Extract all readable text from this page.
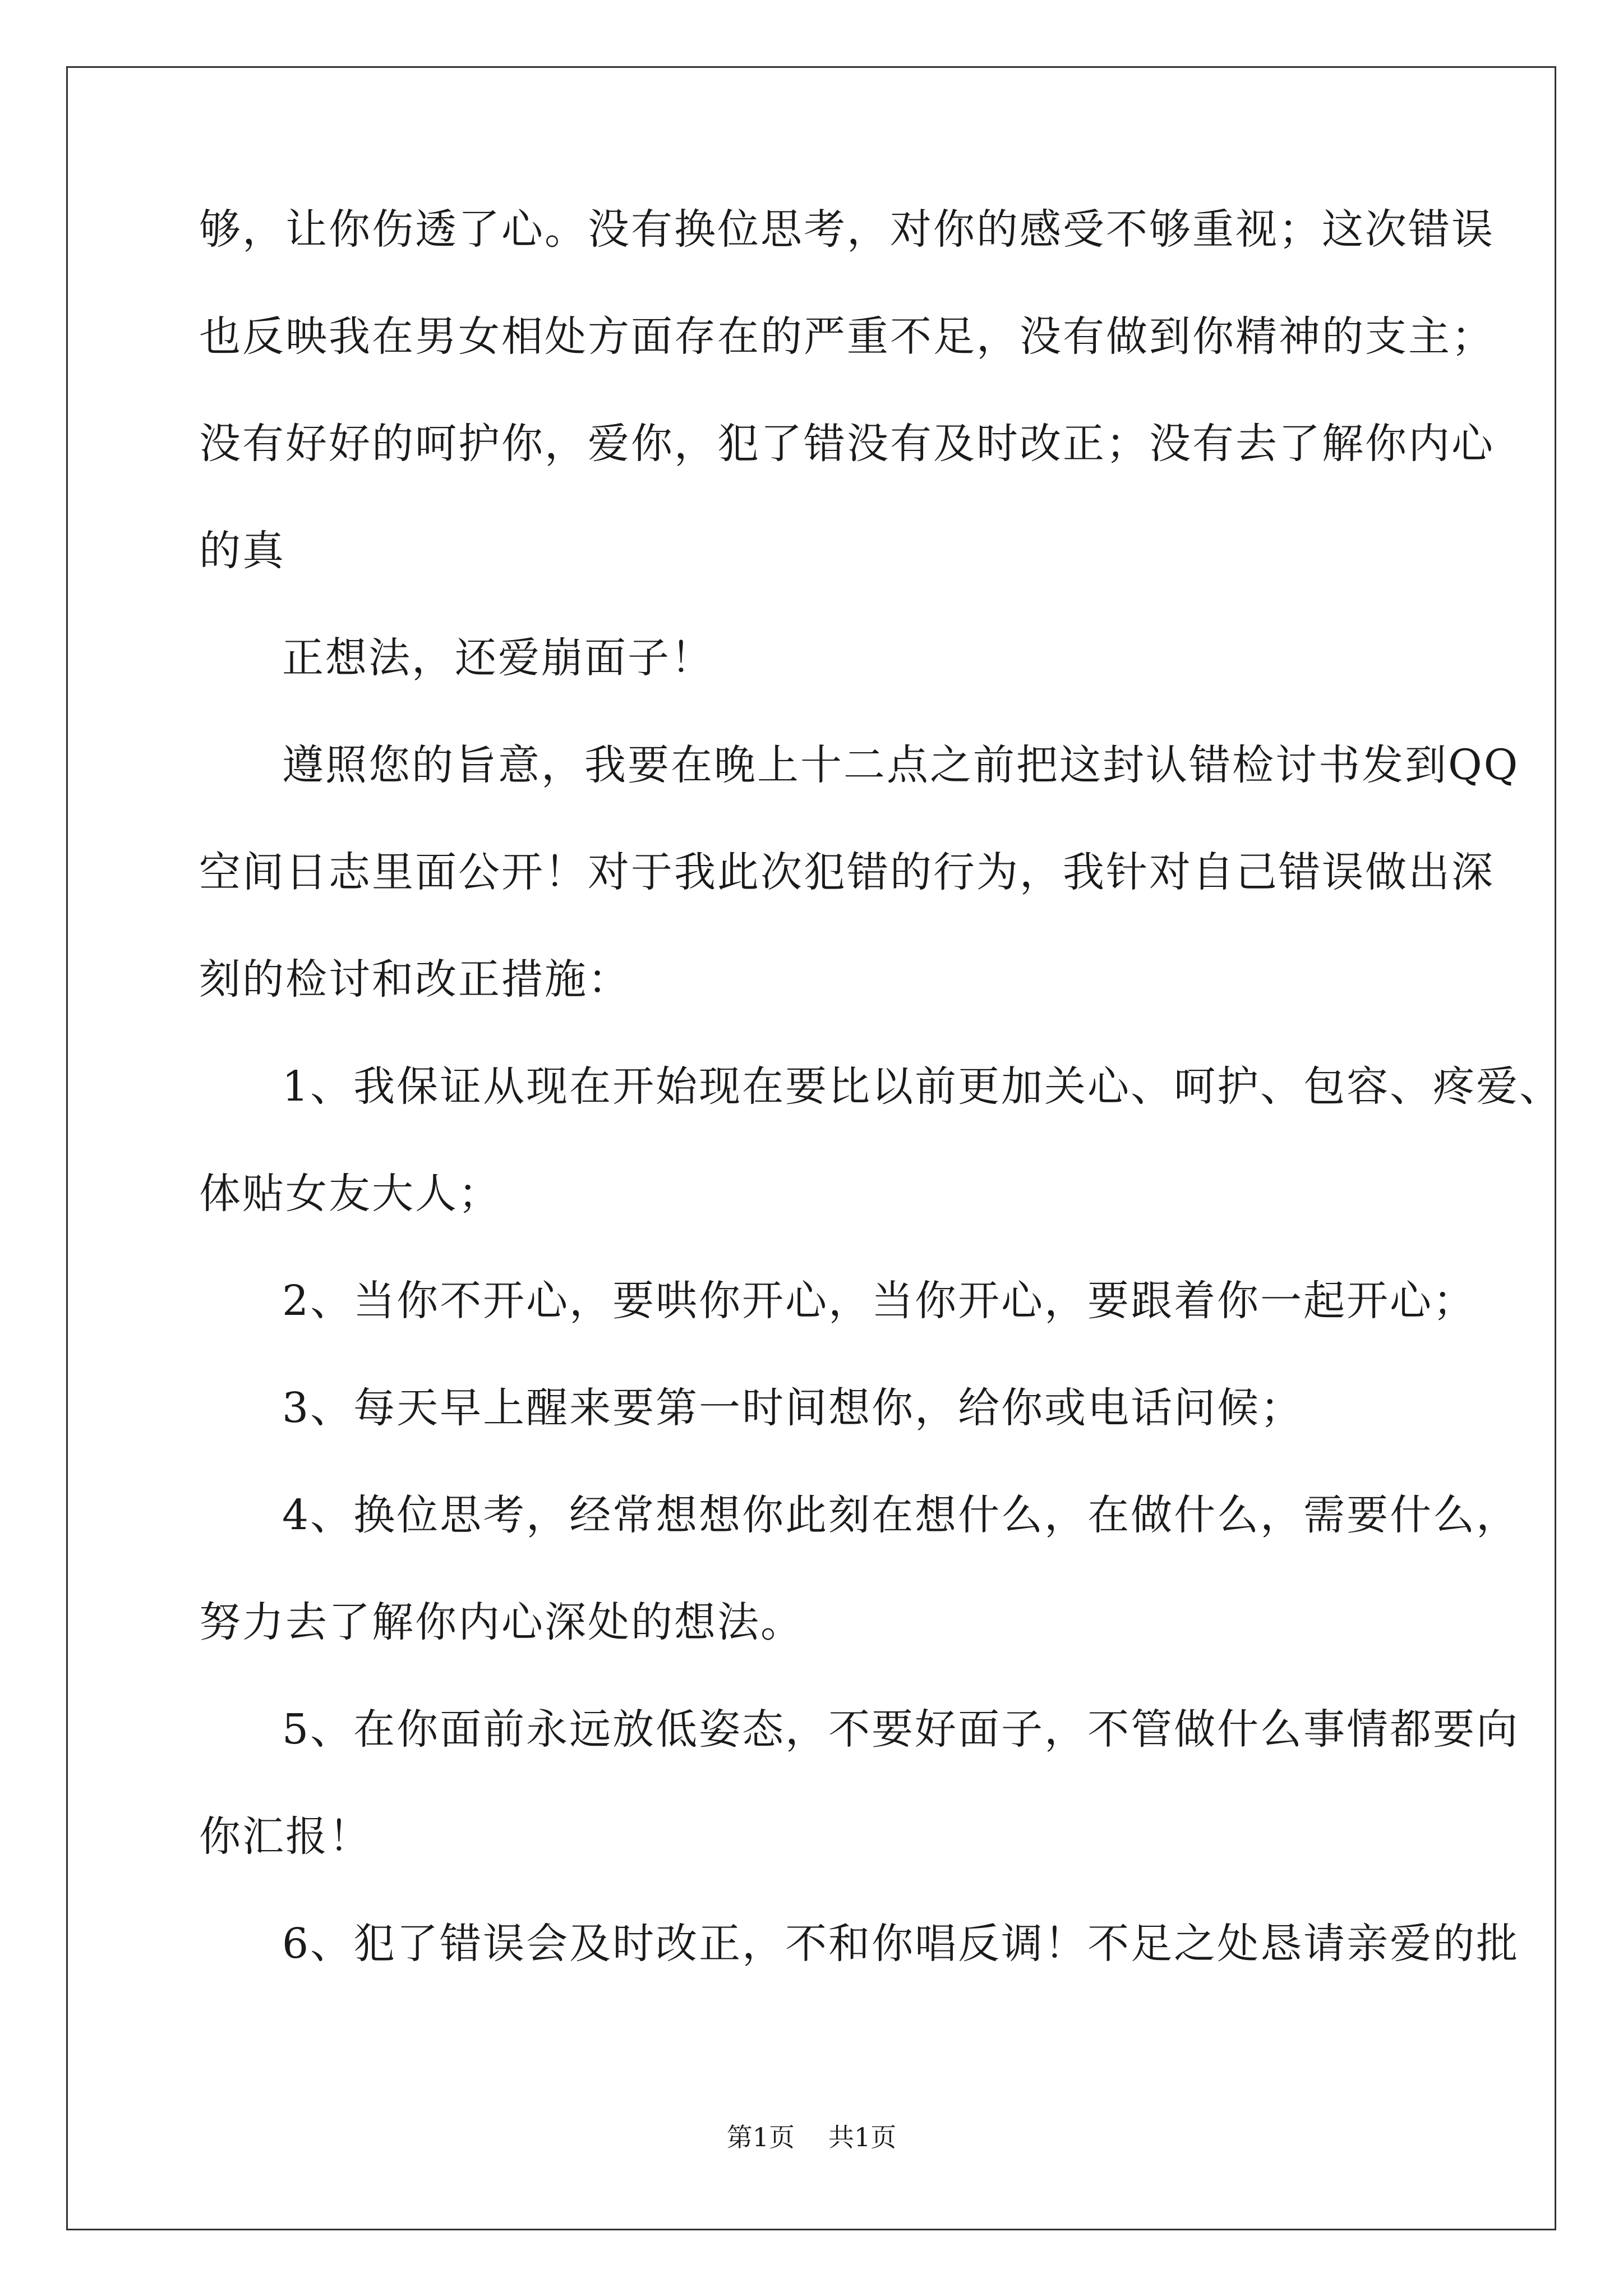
够，让你伤透了心。没有换位思考，对你的感受不够重视；这次错误

也反映我在男女相处方面存在的严重不足，没有做到你精神的支主；

没有好好的呵护你，爱你，犯了错没有及时改正；没有去了解你内心

的真

正想法，还爱崩面子！

遵照您的旨意，我要在晚上十二点之前把这封认错检讨书发到QQ

空间日志里面公开！对于我此次犯错的行为，我针对自己错误做出深

刻的检讨和改正措施：

1、我保证从现在开始现在要比以前更加关心、呵护、包容、疼爱、

体贴女友大人；

2、当你不开心，要哄你开心，当你开心，要跟着你一起开心；

3、每天早上醒来要第一时间想你，给你或电话问候；

4、换位思考，经常想想你此刻在想什么，在做什么，需要什么，

努力去了解你内心深处的想法。

5、在你面前永远放低姿态，不要好面子，不管做什么事情都要向

你汇报！

6、犯了错误会及时改正，不和你唱反调！不足之处恳请亲爱的批

第1页 共1页
